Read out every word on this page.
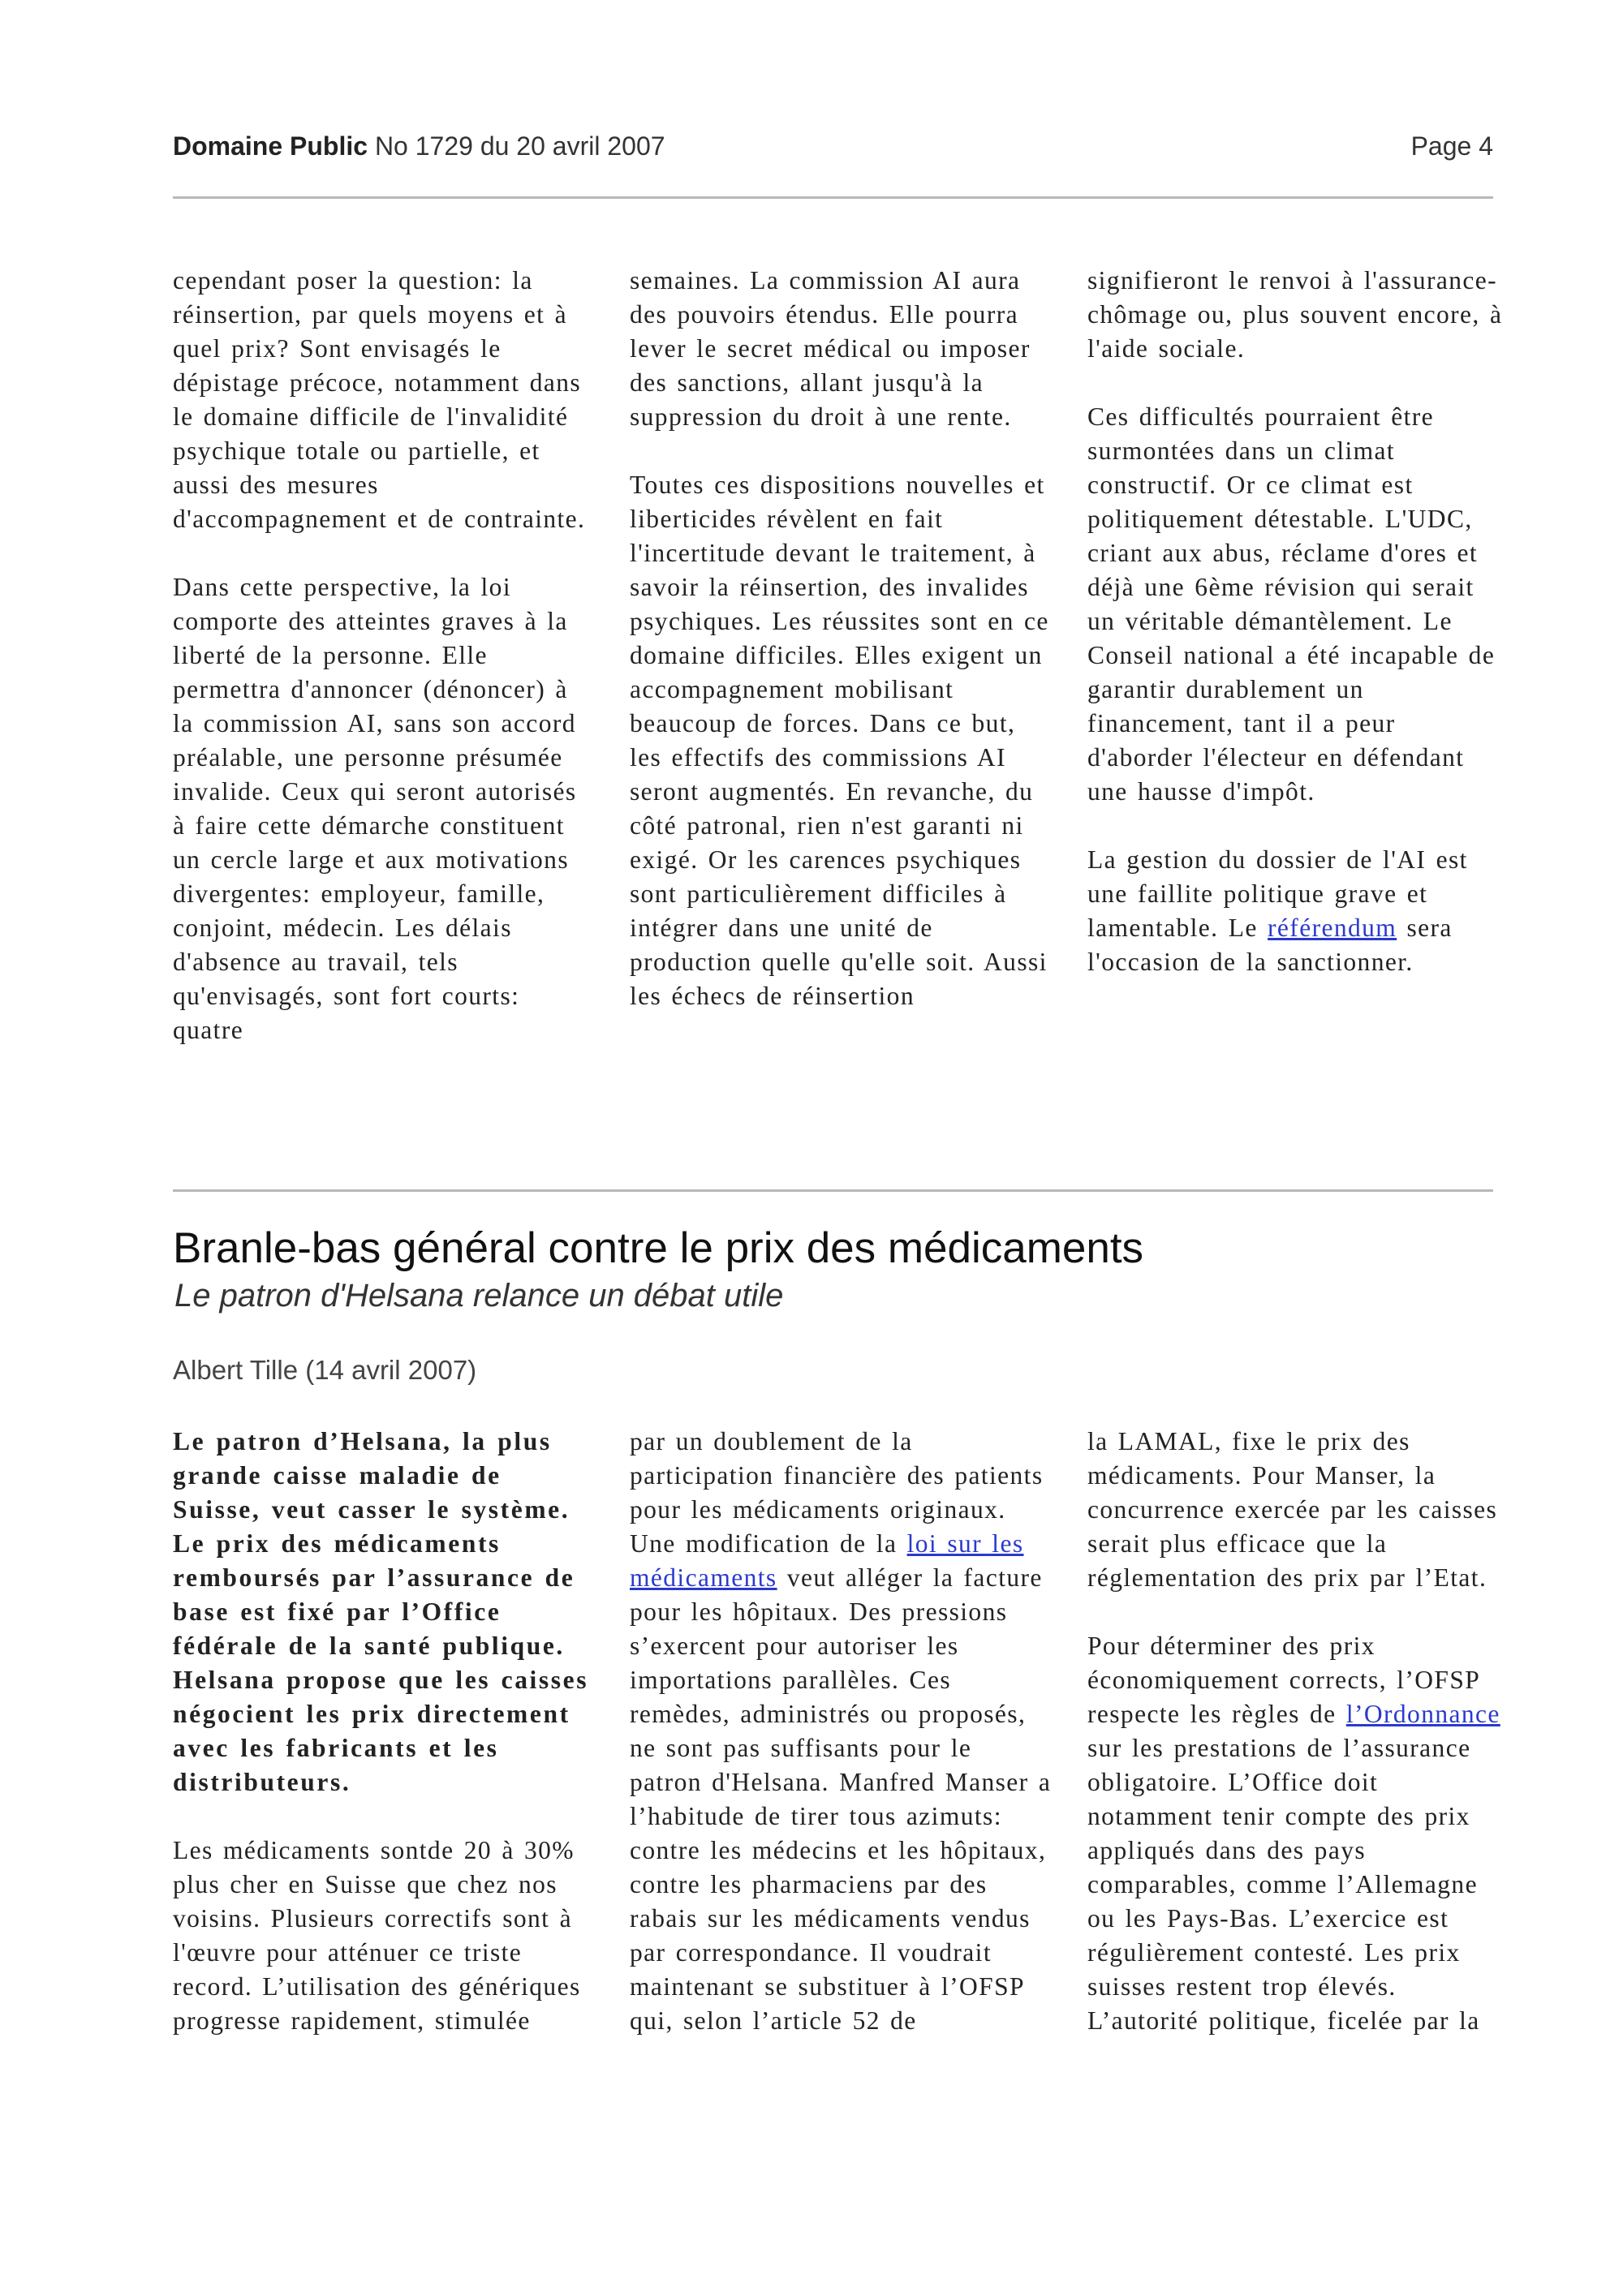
Domaine Public No 1729 du 20 avril 2007	Page 4

cependant poser la question: la réinsertion, par quels moyens et à quel prix? Sont envisagés le dépistage précoce, notamment dans le domaine difficile de l'invalidité psychique totale ou partielle, et aussi des mesures d'accompagnement et de contrainte.

Dans cette perspective, la loi comporte des atteintes graves à la liberté de la personne. Elle permettra d'annoncer (dénoncer) à la commission AI, sans son accord préalable, une personne présumée invalide. Ceux qui seront autorisés à faire cette démarche constituent un cercle large et aux motivations divergentes: employeur, famille, conjoint, médecin. Les délais d'absence au travail, tels qu'envisagés, sont fort courts: quatre

semaines. La commission AI aura des pouvoirs étendus. Elle pourra lever le secret médical ou imposer des sanctions, allant jusqu'à la suppression du droit à une rente.

Toutes ces dispositions nouvelles et liberticides révèlent en fait l'incertitude devant le traitement, à savoir la réinsertion, des invalides psychiques. Les réussites sont en ce domaine difficiles. Elles exigent un accompagnement mobilisant beaucoup de forces. Dans ce but, les effectifs des commissions AI seront augmentés. En revanche, du côté patronal, rien n'est garanti ni exigé. Or les carences psychiques sont particulièrement difficiles à intégrer dans une unité de production quelle qu'elle soit. Aussi les échecs de réinsertion

signifieront le renvoi à l'assurance-chômage ou, plus souvent encore, à l'aide sociale.

Ces difficultés pourraient être surmontées dans un climat constructif. Or ce climat est politiquement détestable. L'UDC, criant aux abus, réclame d'ores et déjà une 6ème révision qui serait un véritable démantèlement. Le Conseil national a été incapable de garantir durablement un financement, tant il a peur d'aborder l'électeur en défendant une hausse d'impôt.

La gestion du dossier de l'AI est une faillite politique grave et lamentable. Le référendum sera l'occasion de la sanctionner.

Branle-bas général contre le prix des médicaments
Le patron d'Helsana relance un débat utile
Albert Tille (14 avril 2007)

Le patron d’Helsana, la plus grande caisse maladie de Suisse, veut casser le système. Le prix des médicaments remboursés par l’assurance de base est fixé par l’Office fédérale de la santé publique. Helsana propose que les caisses négocient les prix directement avec les fabricants et les distributeurs.

Les médicaments sontde 20 à 30% plus cher en Suisse que chez nos voisins. Plusieurs correctifs sont à l'œuvre pour atténuer ce triste record. L’utilisation des génériques progresse rapidement, stimulée

par un doublement de la participation financière des patients pour les médicaments originaux. Une modification de la loi sur les médicaments veut alléger la facture pour les hôpitaux. Des pressions s’exercent pour autoriser les importations parallèles. Ces remèdes, administrés ou proposés, ne sont pas suffisants pour le patron d'Helsana. Manfred Manser a l’habitude de tirer tous azimuts: contre les médecins et les hôpitaux, contre les pharmaciens par des rabais sur les médicaments vendus par correspondance. Il voudrait maintenant se substituer à l’OFSP qui, selon l’article 52 de

la LAMAL, fixe le prix des médicaments. Pour Manser, la concurrence exercée par les caisses serait plus efficace que la réglementation des prix par l’Etat.

Pour déterminer des prix économiquement corrects, l’OFSP respecte les règles de l’Ordonnance sur les prestations de l’assurance obligatoire. L’Office doit notamment tenir compte des prix appliqués dans des pays comparables, comme l’Allemagne ou les Pays-Bas. L’exercice est régulièrement contesté. Les prix suisses restent trop élevés. L’autorité politique, ficelée par la
